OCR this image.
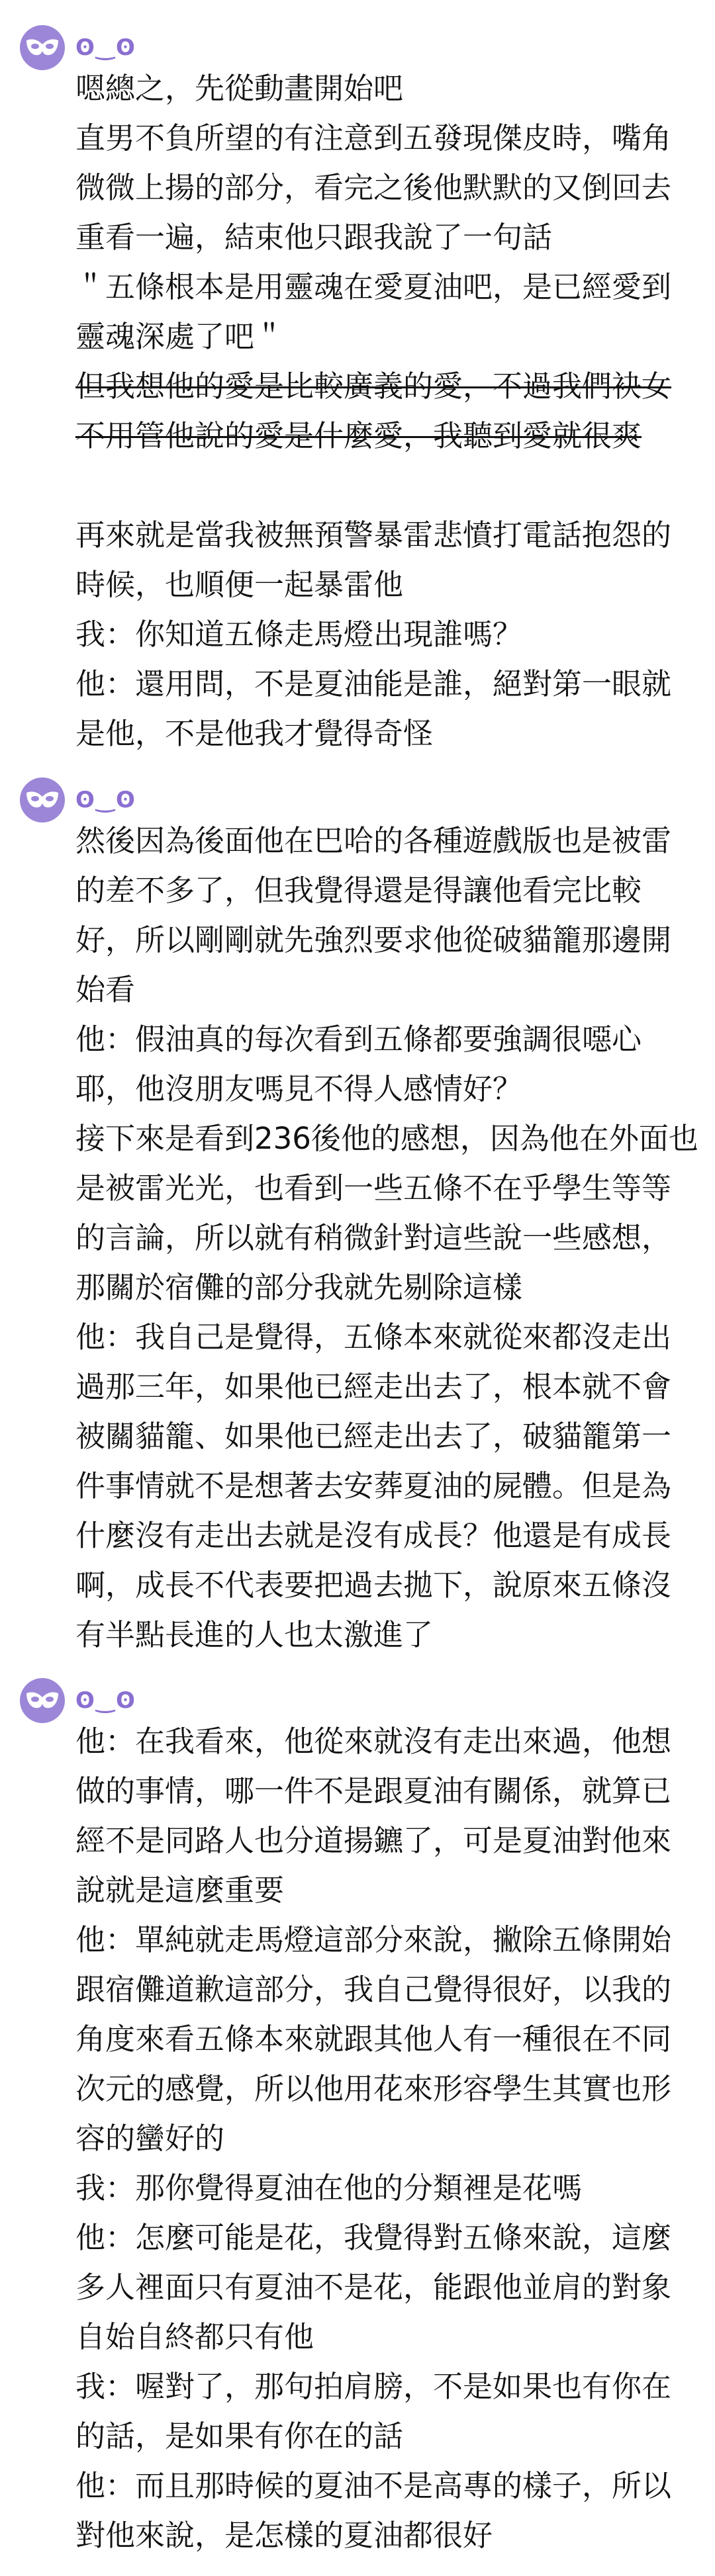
ʘ‿ʘ
嗯總之，先從動畫開始吧
直男不負所望的有注意到五發現傑皮時，嘴角
微微上揚的部分，看完之後他默默的又倒回去
重看一遍，結束他只跟我說了一句話
＂五條根本是用靈魂在愛夏油吧，是已經愛到
靈魂深處了吧＂
但我想他的愛是比較廣義的愛，不過我們袂女
不用管他說的愛是什麼愛，我聽到愛就很爽
再來就是當我被無預警暴雷悲憤打電話抱怨的
時候，也順便一起暴雷他
我：你知道五條走馬燈出現誰嗎？
他：還用問，不是夏油能是誰，絕對第一眼就
是他，不是他我才覺得奇怪
ʘ‿ʘ
然後因為後面他在巴哈的各種遊戲版也是被雷
的差不多了，但我覺得還是得讓他看完比較
好，所以剛剛就先強烈要求他從破貓籠那邊開
始看
他：假油真的每次看到五條都要強調很噁心
耶，他沒朋友嗎見不得人感情好？
接下來是看到236後他的感想，因為他在外面也
是被雷光光，也看到一些五條不在乎學生等等
的言論，所以就有稍微針對這些說一些感想，
那關於宿儺的部分我就先剔除這樣
他：我自己是覺得，五條本來就從來都沒走出
過那三年，如果他已經走出去了，根本就不會
被關貓籠、如果他已經走出去了，破貓籠第一
件事情就不是想著去安葬夏油的屍體。但是為
什麼沒有走出去就是沒有成長？他還是有成長
啊，成長不代表要把過去拋下，說原來五條沒
有半點長進的人也太激進了
ʘ‿ʘ
他：在我看來，他從來就沒有走出來過，他想
做的事情，哪一件不是跟夏油有關係，就算已
經不是同路人也分道揚鑣了，可是夏油對他來
說就是這麼重要
他：單純就走馬燈這部分來說，撇除五條開始
跟宿儺道歉這部分，我自己覺得很好，以我的
角度來看五條本來就跟其他人有一種很在不同
次元的感覺，所以他用花來形容學生其實也形
容的蠻好的
我：那你覺得夏油在他的分類裡是花嗎
他：怎麼可能是花，我覺得對五條來說，這麼
多人裡面只有夏油不是花，能跟他並肩的對象
自始自終都只有他
我：喔對了，那句拍肩膀，不是如果也有你在
的話，是如果有你在的話
他：而且那時候的夏油不是高專的樣子，所以
對他來說，是怎樣的夏油都很好
